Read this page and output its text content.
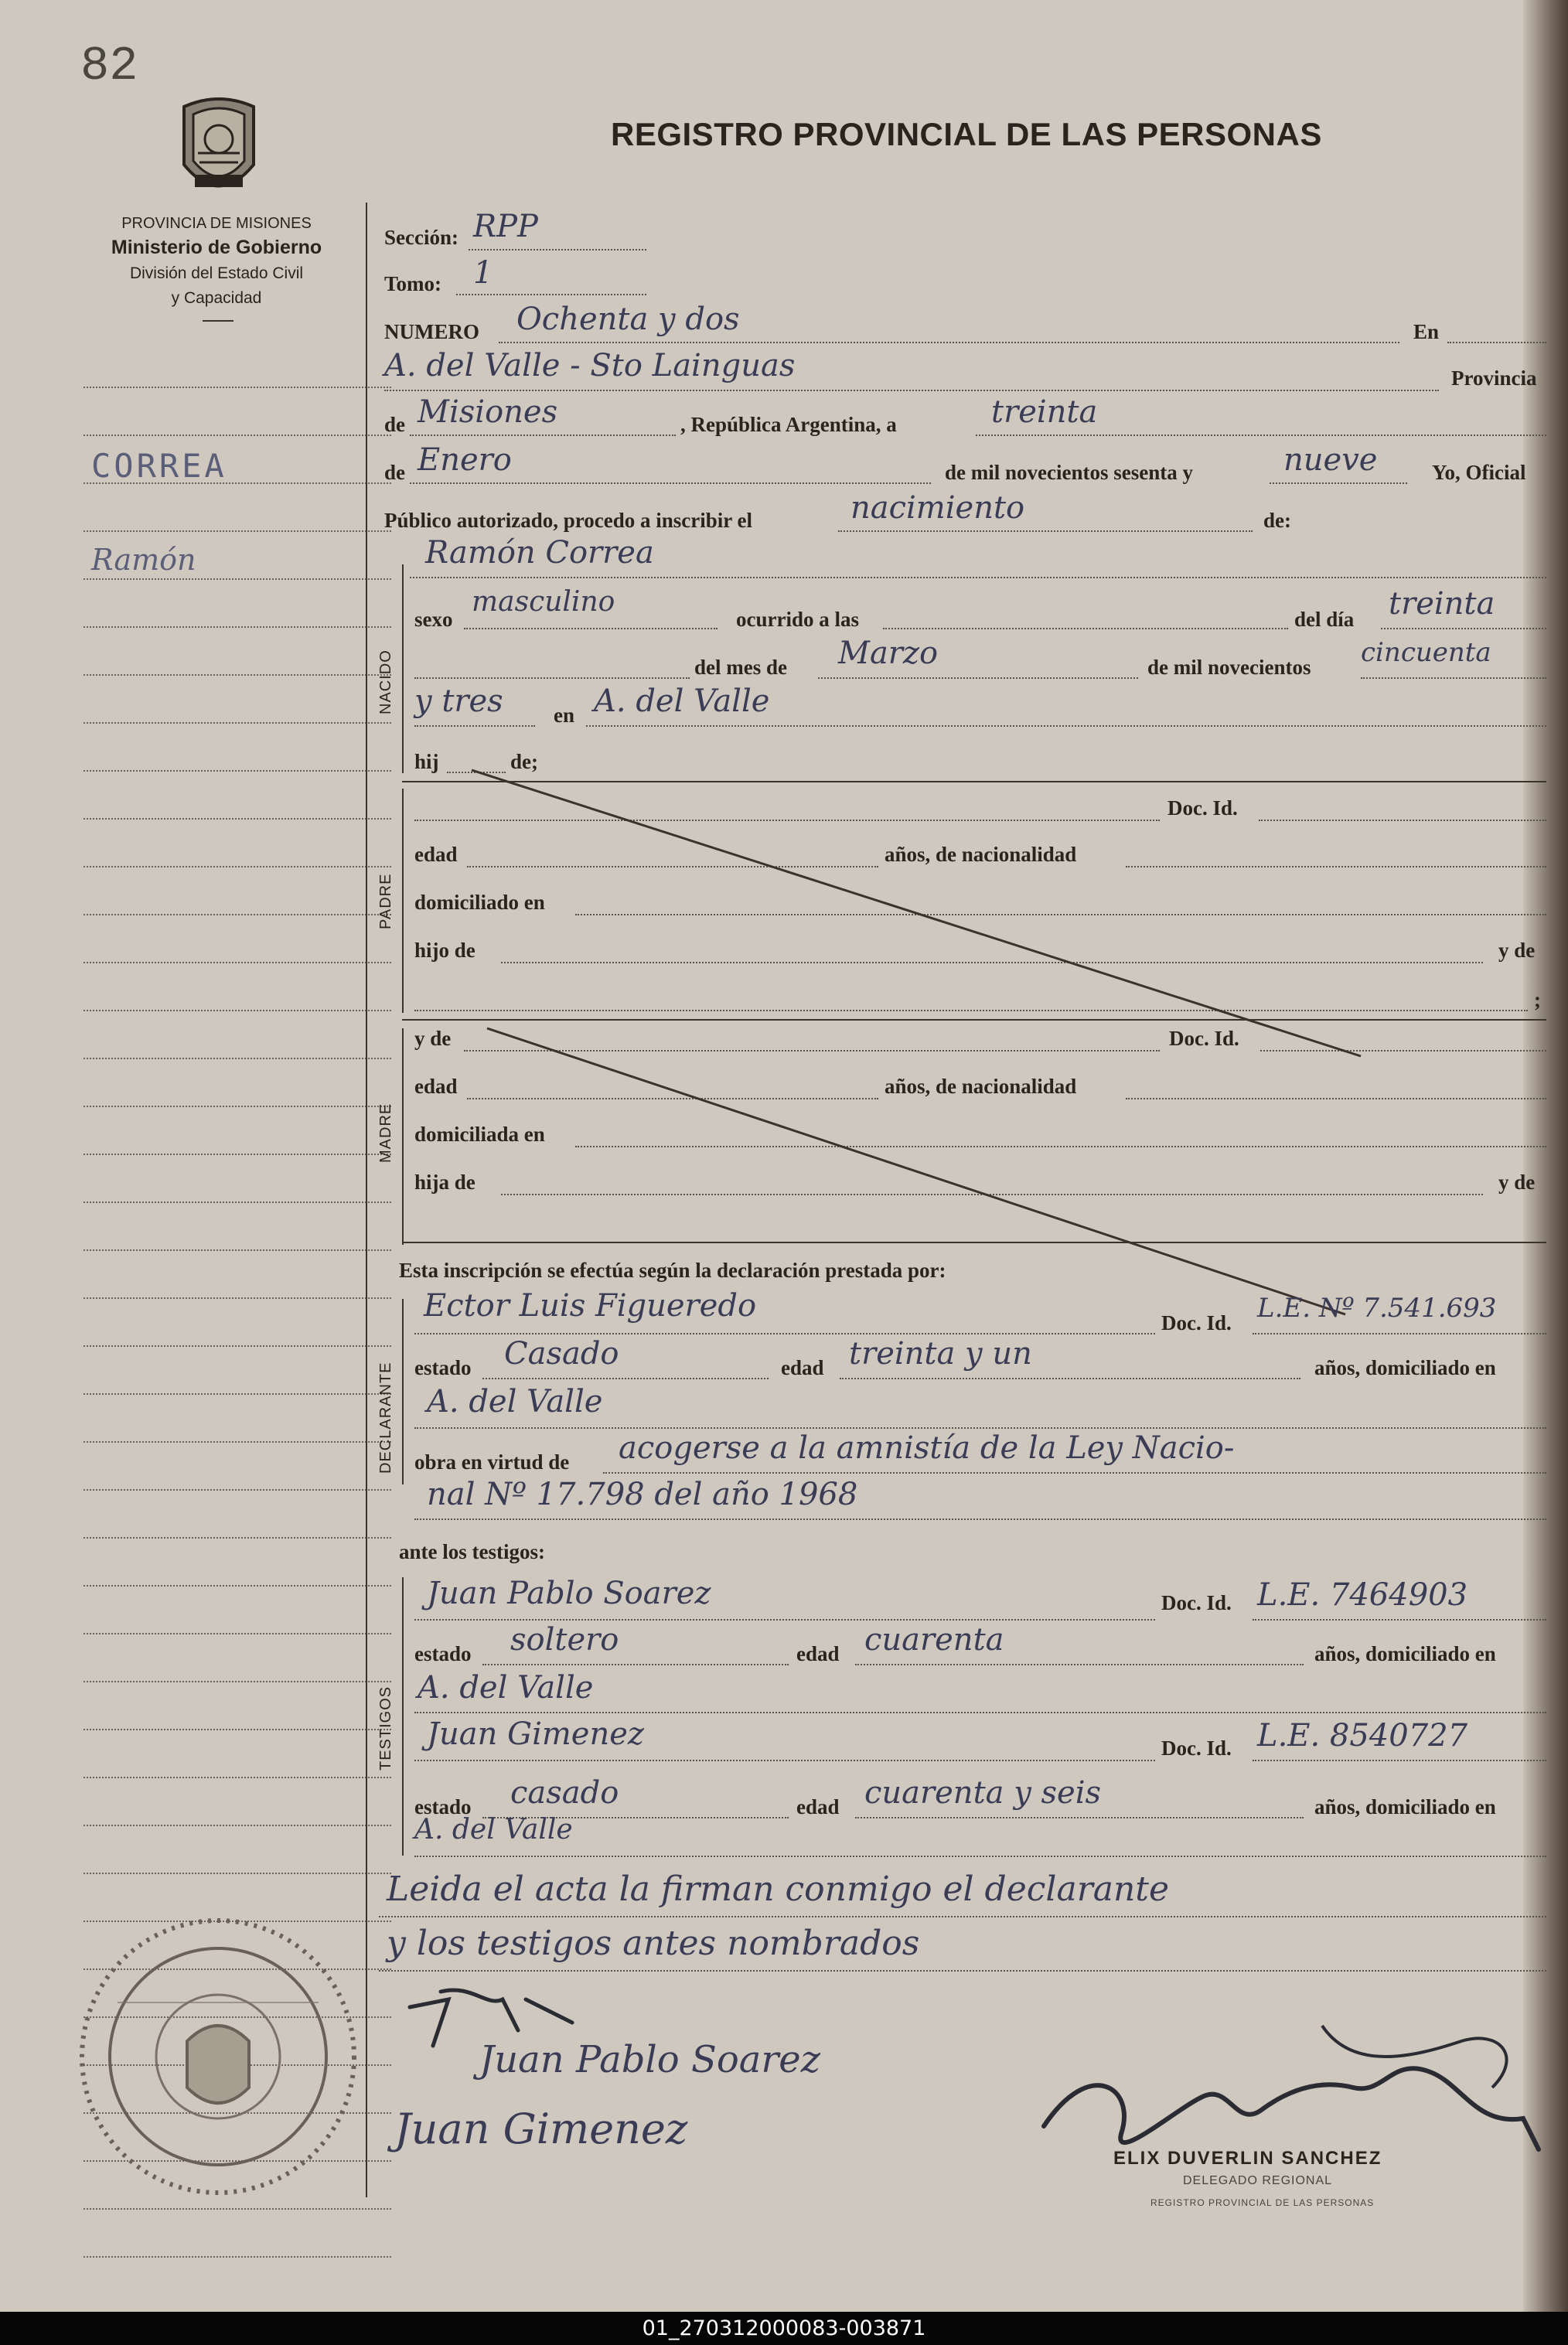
82
REGISTRO PROVINCIAL DE LAS PERSONAS
PROVINCIA DE MISIONES
Ministerio de Gobierno
División del Estado Civil
y Capacidad
CORREA
Ramón
Sección: RPP
Tomo: 1
NUMERO Ochenta y dos	En
A. del Valle - Sto Lainguas	Provincia
de Misiones	, República Argentina, a	treinta
de Enero	de mil novecientos sesenta y	nueve	Yo, Oficial
Público autorizado, procedo a inscribir el	nacimiento	de:
NACIDO
Ramón Correa
sexo
masculino
ocurrido a las	del día treinta
del mes de Marzo	de mil novecientos cincuenta
y tres en A. del Valle
hij	de;
PADRE
Doc. Id.
edad	años, de nacionalidad
domiciliado en
hijo de	y de
;
MADRE
y de	Doc. Id.
edad	años, de nacionalidad
domiciliada en
hija de	y de
Esta inscripción se efectúa según la declaración prestada por:
DECLARANTE
Ector Luis Figueredo	Doc. Id. L.E. Nº 7.541.693
estado Casado	edad treinta y un	años, domiciliado en
A. del Valle
obra en virtud de acogerse a la amnistía de la Ley Nacio-
nal Nº 17.798 del año 1968
ante los testigos:
TESTIGOS
Juan Pablo Soarez	Doc. Id. L.E. 7464903
estado soltero	edad cuarenta	años, domiciliado en
A. del Valle
Juan Gimenez	Doc. Id. L.E. 8540727
estado casado	edad cuarenta y seis	años, domiciliado en
A. del Valle
Leida el acta la firman conmigo el declarante
y los testigos antes nombrados
Juan Pablo Soarez
Juan Gimenez
ELIX DUVERLIN SANCHEZ
DELEGADO REGIONAL
REGISTRO PROVINCIAL DE LAS PERSONAS
01_270312000083-003871
